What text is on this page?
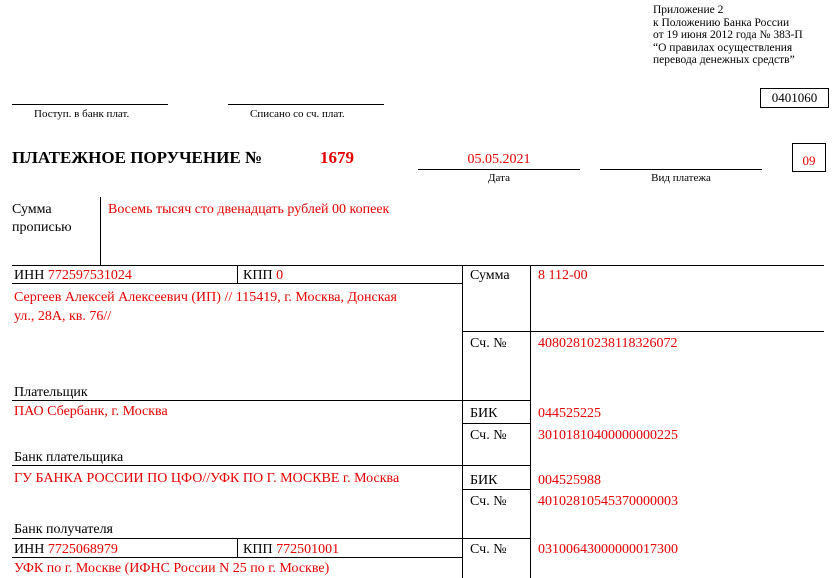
Приложение 2
к Положению Банка России
от 19 июня 2012 года № 383-П
“О правилах осуществления
перевода денежных средств”
0401060
Поступ. в банк плат.	Списано со сч. плат.
ПЛАТЕЖНОЕ ПОРУЧЕНИЕ №	1679	05.05.2021
Дата	Вид платежа
09
Сумма
прописью
Восемь тысяч сто двенадцать рублей 00 копеек
ИНН 772597531024	КПП 0
Сергеев Алексей Алексеевич (ИП) // 115419, г. Москва, Донская
ул., 28А, кв. 76//
Плательщик
Сумма 8 112-00
Сч. № 40802810238118326072
ПАО Сбербанк, г. Москва
Банк плательщика
БИК	044525225
Сч. № 30101810400000000225
ГУ БАНКА РОССИИ ПО ЦФО//УФК ПО Г. МОСКВЕ г. Москва
Банк получателя
БИК	004525988
Сч. № 40102810545370000003
ИНН 7725068979	КПП 772501001
УФК по г. Москве (ИФНС России N 25 по г. Москве)
Сч. № 03100643000000017300
